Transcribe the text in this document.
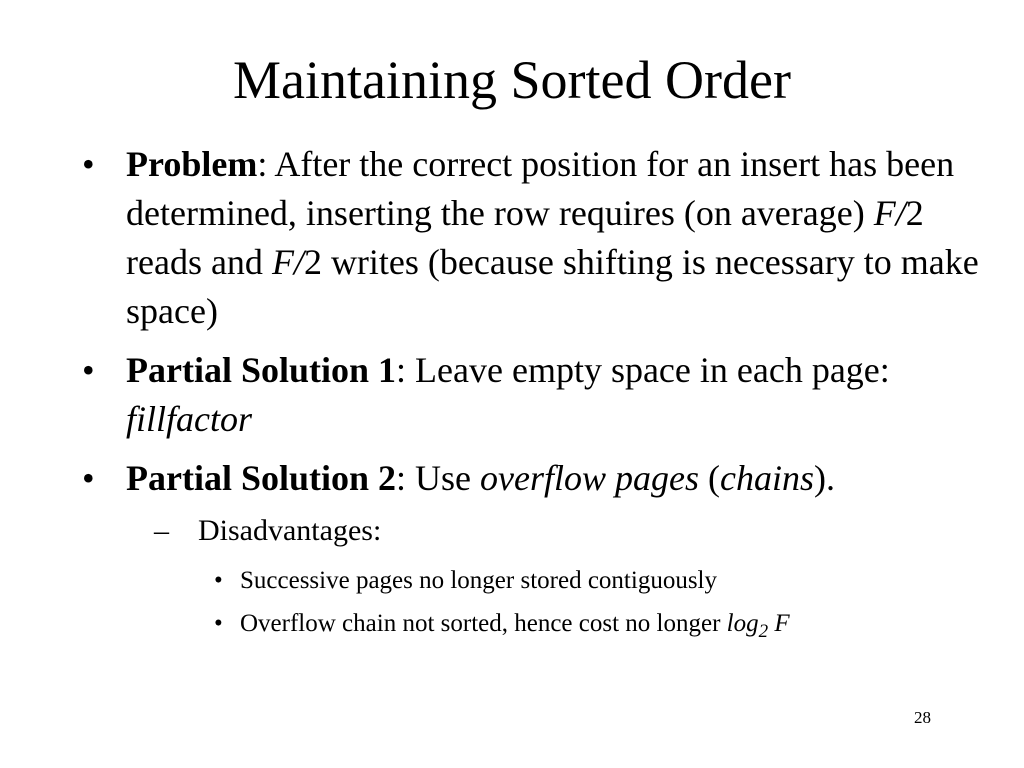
Maintaining Sorted Order
• Problem: After the correct position for an insert has been determined, inserting the row requires (on average) F/2 reads and F/2 writes (because shifting is necessary to make space)
• Partial Solution 1: Leave empty space in each page: fillfactor
• Partial Solution 2: Use overflow pages (chains).
– Disadvantages:
• Successive pages no longer stored contiguously
• Overflow chain not sorted, hence cost no longer $\log_2 F$
28
